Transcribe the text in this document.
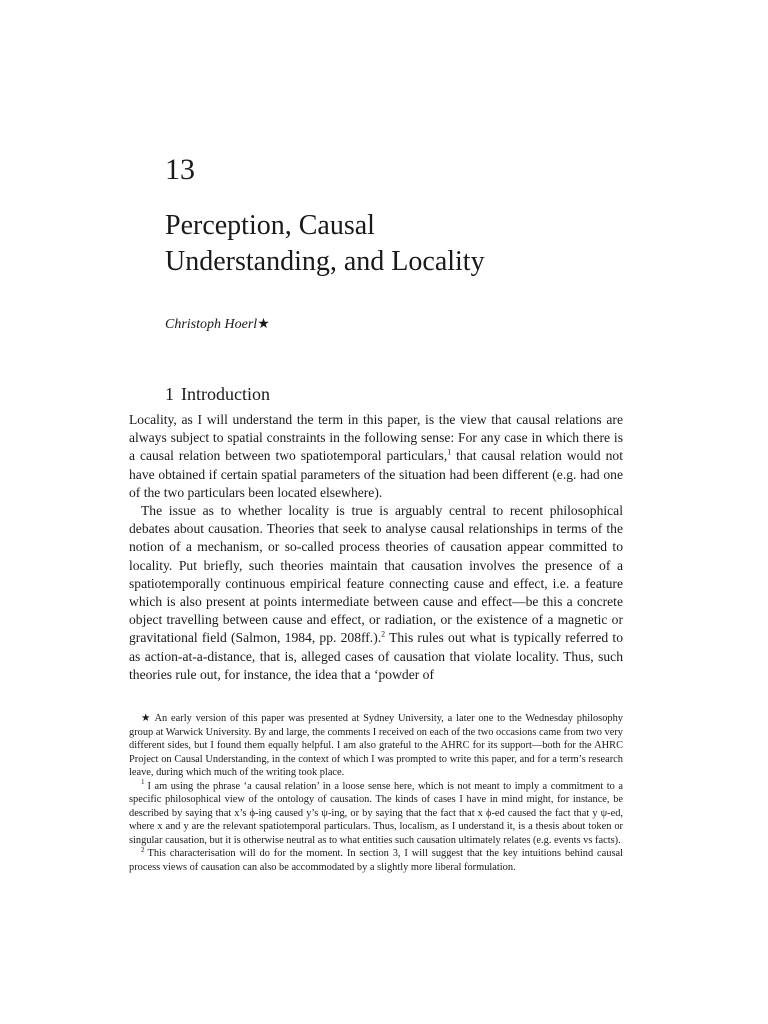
13
Perception, Causal
Understanding, and Locality
Christoph Hoerl★
1 Introduction

Locality, as I will understand the term in this paper, is the view that causal relations are always subject to spatial constraints in the following sense: For any case in which there is a causal relation between two spatiotemporal particulars,$^1$ that causal relation would not have obtained if certain spatial parameters of the situation had been different (e.g. had one of the two particulars been located elsewhere).

The issue as to whether locality is true is arguably central to recent philosophical debates about causation. Theories that seek to analyse causal relationships in terms of the notion of a mechanism, or so-called process theories of causation appear committed to locality. Put briefly, such theories maintain that causation involves the presence of a spatiotemporally continuous empirical feature connecting cause and effect, i.e. a feature which is also present at points intermediate between cause and effect—be this a concrete object travelling between cause and effect, or radiation, or the existence of a magnetic or gravitational field (Salmon, 1984, pp. 208ff.).$^2$ This rules out what is typically referred to as action-at-a-distance, that is, alleged cases of causation that violate locality. Thus, such theories rule out, for instance, the idea that a ‘powder of

★ An early version of this paper was presented at Sydney University, a later one to the Wednesday philosophy group at Warwick University. By and large, the comments I received on each of the two occasions came from two very different sides, but I found them equally helpful. I am also grateful to the AHRC for its support—both for the AHRC Project on Causal Understanding, in the context of which I was prompted to write this paper, and for a term’s research leave, during which much of the writing took place.

$^1$ I am using the phrase ‘a causal relation’ in a loose sense here, which is not meant to imply a commitment to a specific philosophical view of the ontology of causation. The kinds of cases I have in mind might, for instance, be described by saying that x’s ϕ-ing caused y’s ψ-ing, or by saying that the fact that x ϕ-ed caused the fact that y ψ-ed, where x and y are the relevant spatiotemporal particulars. Thus, localism, as I understand it, is a thesis about token or singular causation, but it is otherwise neutral as to what entities such causation ultimately relates (e.g. events vs facts).

$^2$ This characterisation will do for the moment. In section 3, I will suggest that the key intuitions behind causal process views of causation can also be accommodated by a slightly more liberal formulation.
